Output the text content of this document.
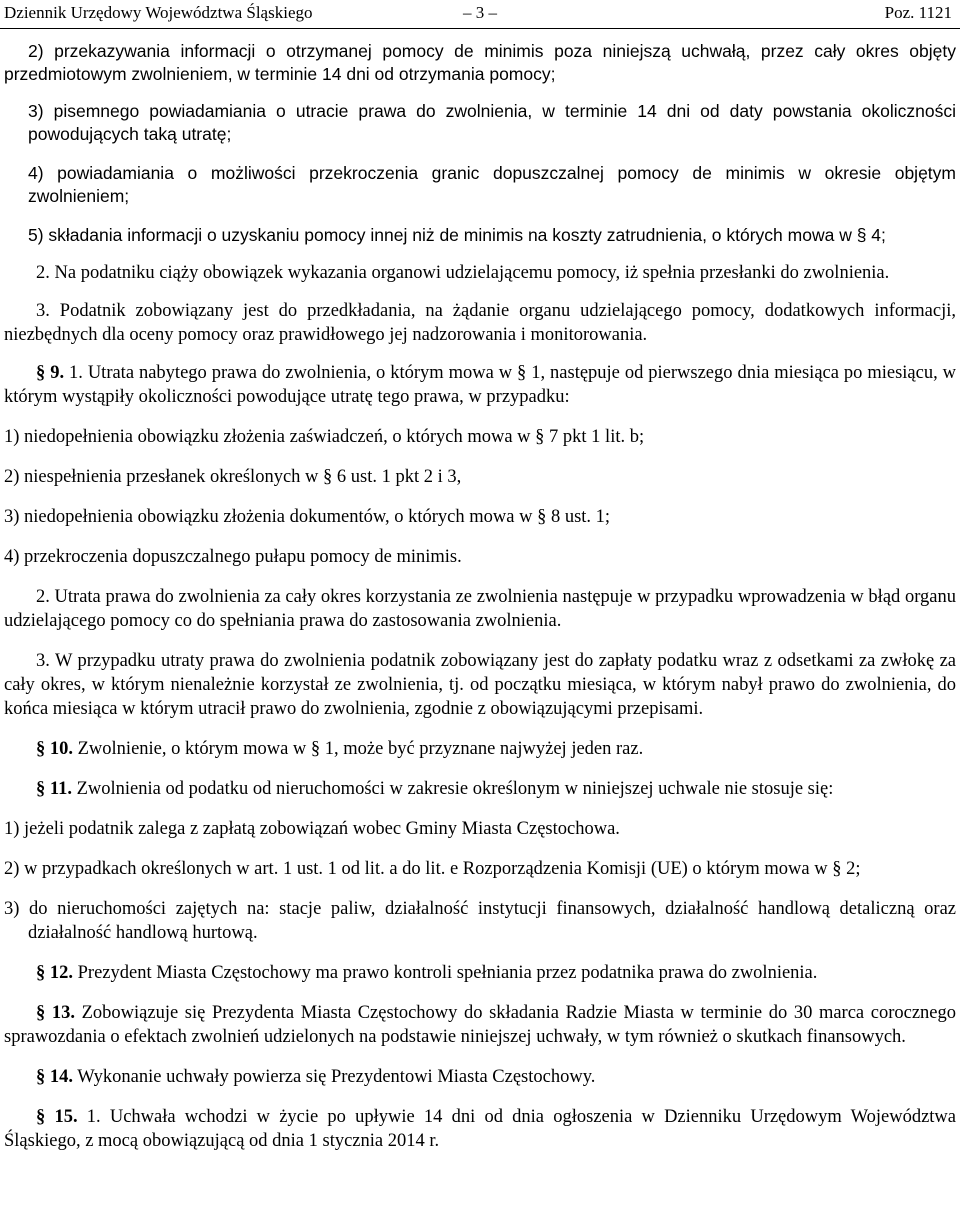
Dziennik Urzędowy Województwa Śląskiego	– 3 –	Poz. 1121

2) przekazywania informacji o otrzymanej pomocy de minimis poza niniejszą uchwałą, przez cały okres objęty przedmiotowym zwolnieniem, w terminie 14 dni od otrzymania pomocy;

3) pisemnego powiadamiania o utracie prawa do zwolnienia, w terminie 14 dni od daty powstania okoliczności powodujących taką utratę;

4) powiadamiania o możliwości przekroczenia granic dopuszczalnej pomocy de minimis w okresie objętym zwolnieniem;

5) składania informacji o uzyskaniu pomocy innej niż de minimis na koszty zatrudnienia, o których mowa w § 4;

2. Na podatniku ciąży obowiązek wykazania organowi udzielającemu pomocy, iż spełnia przesłanki do zwolnienia.

3. Podatnik zobowiązany jest do przedkładania, na żądanie organu udzielającego pomocy, dodatkowych informacji, niezbędnych dla oceny pomocy oraz prawidłowego jej nadzorowania i monitorowania.

§ 9. 1. Utrata nabytego prawa do zwolnienia, o którym mowa w § 1, następuje od pierwszego dnia miesiąca po miesiącu, w którym wystąpiły okoliczności powodujące utratę tego prawa, w przypadku:

1) niedopełnienia obowiązku złożenia zaświadczeń, o których mowa w § 7 pkt 1 lit. b;

2) niespełnienia przesłanek określonych w § 6 ust. 1 pkt 2 i 3,

3) niedopełnienia obowiązku złożenia dokumentów, o których mowa w § 8 ust. 1;

4) przekroczenia dopuszczalnego pułapu pomocy de minimis.

2. Utrata prawa do zwolnienia za cały okres korzystania ze zwolnienia następuje w przypadku wprowadzenia w błąd organu udzielającego pomocy co do spełniania prawa do zastosowania zwolnienia.

3. W przypadku utraty prawa do zwolnienia podatnik zobowiązany jest do zapłaty podatku wraz z odsetkami za zwłokę za cały okres, w którym nienależnie korzystał ze zwolnienia, tj. od początku miesiąca, w którym nabył prawo do zwolnienia, do końca miesiąca w którym utracił prawo do zwolnienia, zgodnie z obowiązującymi przepisami.

§ 10. Zwolnienie, o którym mowa w § 1, może być przyznane najwyżej jeden raz.

§ 11. Zwolnienia od podatku od nieruchomości w zakresie określonym w niniejszej uchwale nie stosuje się:

1) jeżeli podatnik zalega z zapłatą zobowiązań wobec Gminy Miasta Częstochowa.

2) w przypadkach określonych w art. 1 ust. 1 od lit. a do lit. e Rozporządzenia Komisji (UE) o którym mowa w § 2;

3) do nieruchomości zajętych na: stacje paliw, działalność instytucji finansowych, działalność handlową detaliczną oraz działalność handlową hurtową.

§ 12. Prezydent Miasta Częstochowy ma prawo kontroli spełniania przez podatnika prawa do zwolnienia.

§ 13. Zobowiązuje się Prezydenta Miasta Częstochowy do składania Radzie Miasta w terminie do 30 marca corocznego sprawozdania o efektach zwolnień udzielonych na podstawie niniejszej uchwały, w tym również o skutkach finansowych.

§ 14. Wykonanie uchwały powierza się Prezydentowi Miasta Częstochowy.

§ 15. 1. Uchwała wchodzi w życie po upływie 14 dni od dnia ogłoszenia w Dzienniku Urzędowym Województwa Śląskiego, z mocą obowiązującą od dnia 1 stycznia 2014 r.
